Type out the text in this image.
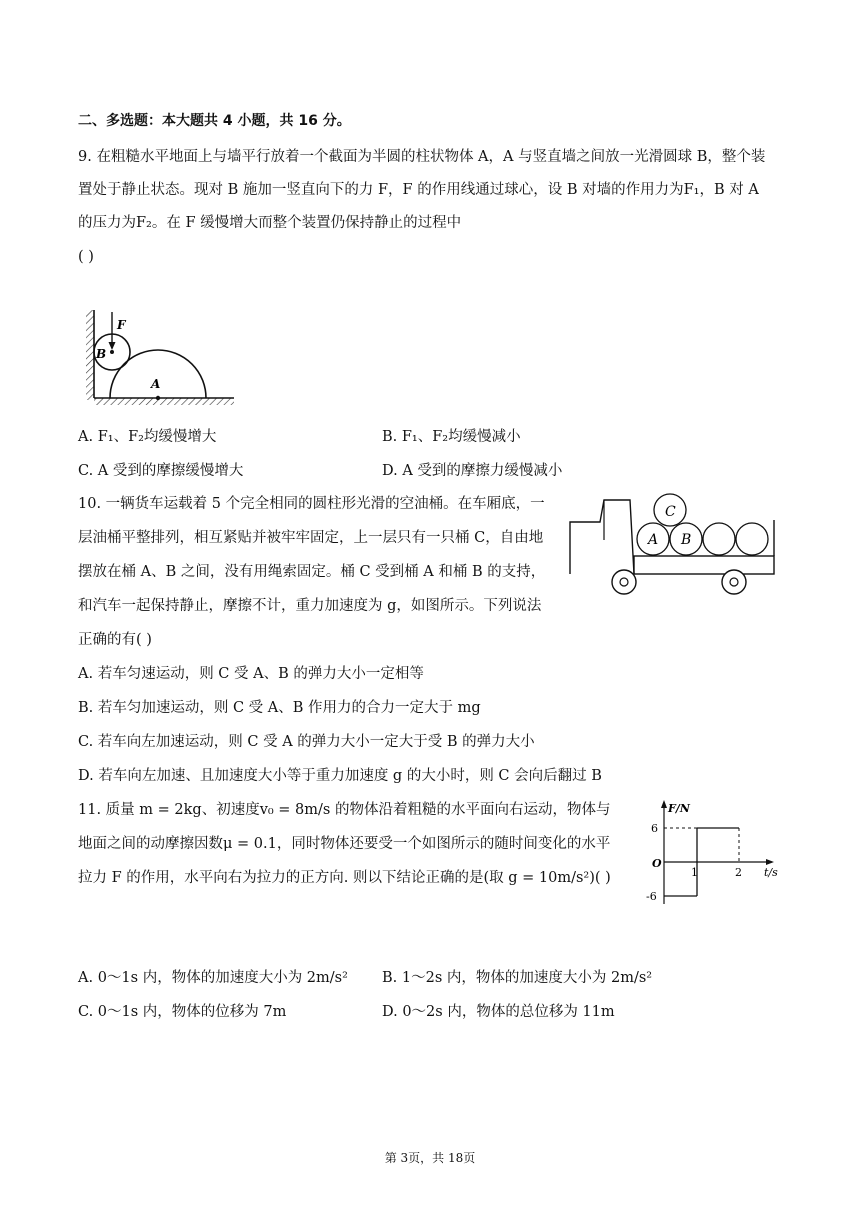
二、多选题：本大题共 4 小题，共 16 分。
9. 在粗糙水平地面上与墙平行放着一个截面为半圆的柱状物体 A，A 与竖直墙之间放一光滑圆球 B，整个装
置处于静止状态。现对 B 施加一竖直向下的力 F，F 的作用线通过球心，设 B 对墙的作用力为F₁，B 对 A
的压力为F₂。在 F 缓慢增大而整个装置仍保持静止的过程中
( )
F
B
A
A. F₁、F₂均缓慢增大	B. F₁、F₂均缓慢减小
C. A 受到的摩擦缓慢增大	D. A 受到的摩擦力缓慢减小
10. 一辆货车运载着 5 个完全相同的圆柱形光滑的空油桶。在车厢底，一
层油桶平整排列，相互紧贴并被牢牢固定，上一层只有一只桶 C，自由地
摆放在桶 A、B 之间，没有用绳索固定。桶 C 受到桶 A 和桶 B 的支持，
和汽车一起保持静止，摩擦不计，重力加速度为 g，如图所示。下列说法
正确的有( )
A B
C
A. 若车匀速运动，则 C 受 A、B 的弹力大小一定相等
B. 若车匀加速运动，则 C 受 A、B 作用力的合力一定大于 mg
C. 若车向左加速运动，则 C 受 A 的弹力大小一定大于受 B 的弹力大小
D. 若车向左加速、且加速度大小等于重力加速度 g 的大小时，则 C 会向后翻过 B
11. 质量 m = 2kg、初速度v₀ = 8m/s 的物体沿着粗糙的水平面向右运动，物体与
地面之间的动摩擦因数μ = 0.1，同时物体还要受一个如图所示的随时间变化的水平
拉力 F 的作用，水平向右为拉力的正方向. 则以下结论正确的是(取 g = 10m/s²)( )
F/N
t/s
O
6
-6
1	2
A. 0～1s 内，物体的加速度大小为 2m/s² B. 1～2s 内，物体的加速度大小为 2m/s²
C. 0～1s 内，物体的位移为 7m	D. 0～2s 内，物体的总位移为 11m
第 3页，共 18页
